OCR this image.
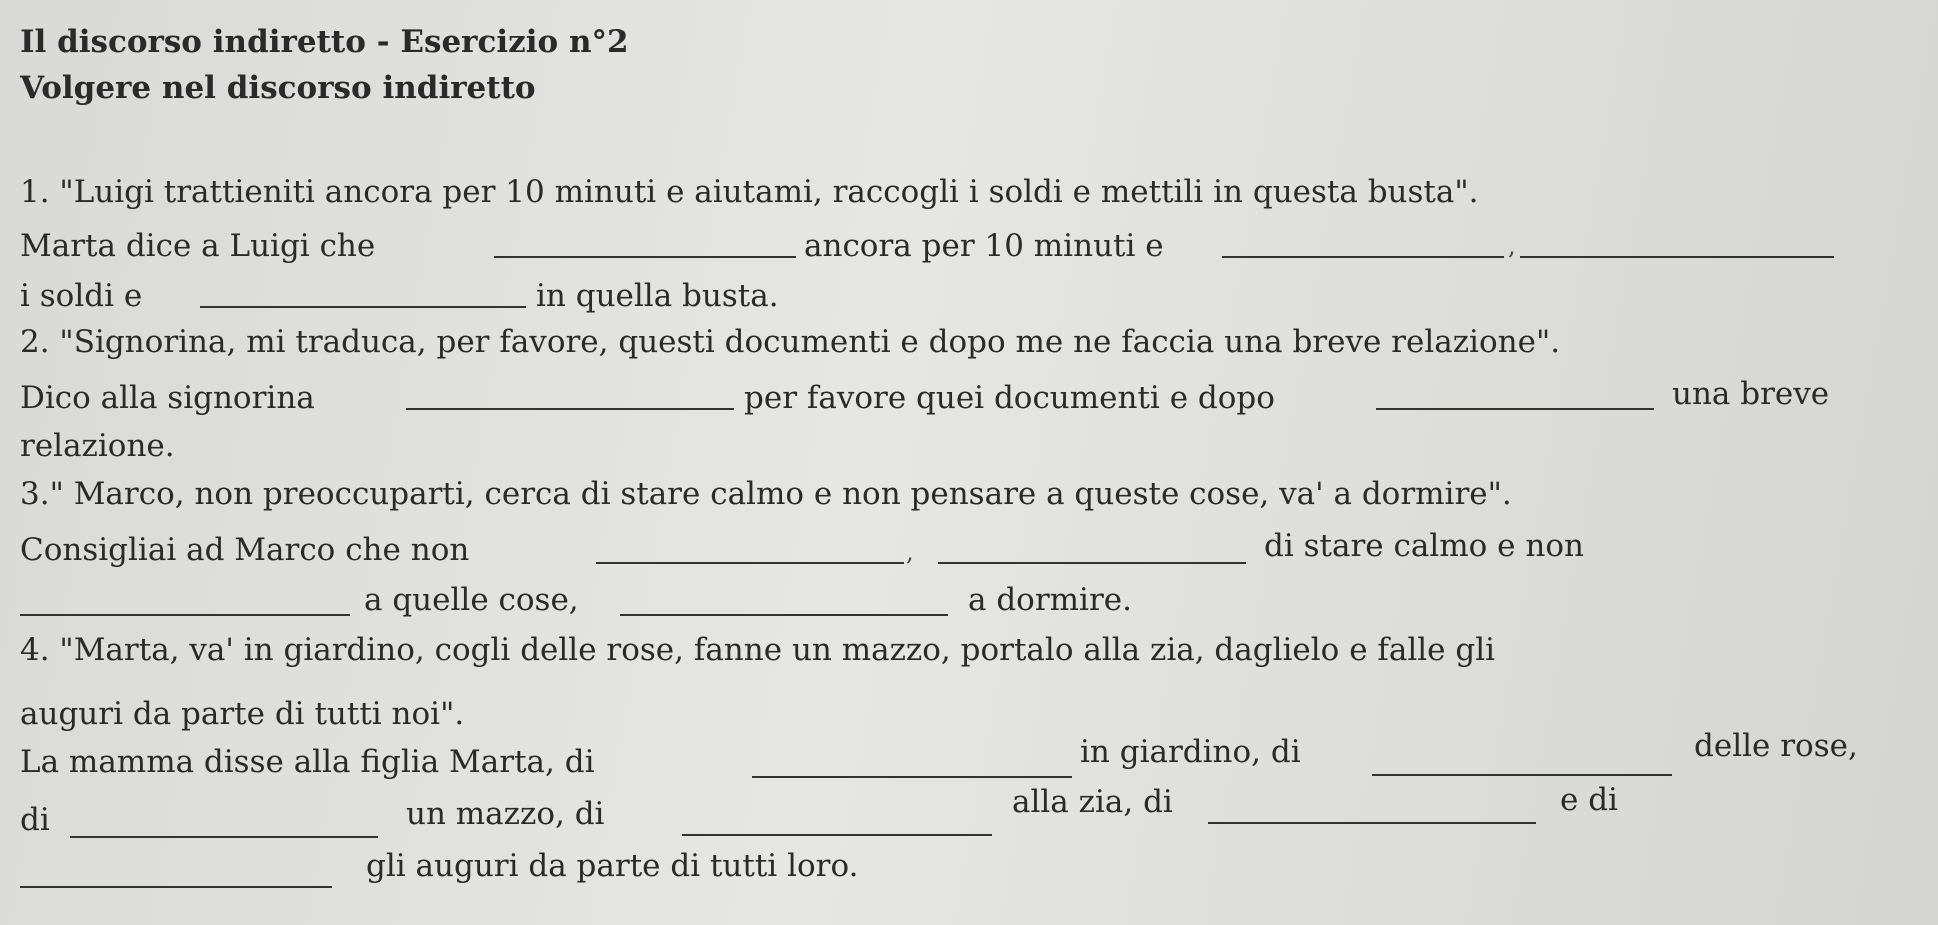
Il discorso indiretto - Esercizio n°2
Volgere nel discorso indiretto
1. "Luigi trattieniti ancora per 10 minuti e aiutami, raccogli i soldi e mettili in questa busta".
Marta dice a Luigi che	ancora per 10 minuti e	,
i soldi e	in quella busta.
2. "Signorina, mi traduca, per favore, questi documenti e dopo me ne faccia una breve relazione".
Dico alla signorina	per favore quei documenti e dopo	una breve
relazione.
3." Marco, non preoccuparti, cerca di stare calmo e non pensare a queste cose, va' a dormire".
Consigliai ad Marco che non	,	di stare calmo e non
a quelle cose,	a dormire.
4. "Marta, va' in giardino, cogli delle rose, fanne un mazzo, portalo alla zia, daglielo e falle gli
auguri da parte di tutti noi".
La mamma disse alla figlia Marta, di	in giardino, di	delle rose,
di	un mazzo, di	alla zia, di	e di
gli auguri da parte di tutti loro.
